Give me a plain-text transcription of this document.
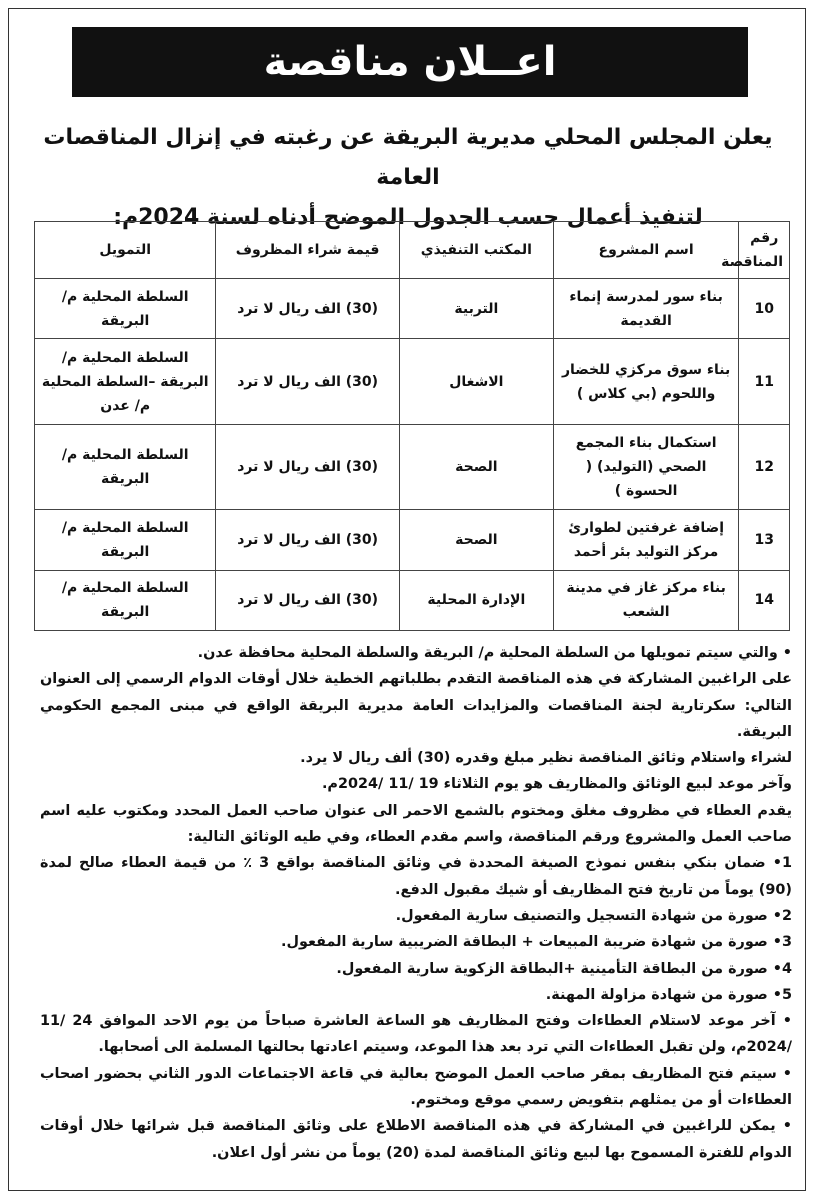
اعــلان مناقصة
يعلن المجلس المحلي مديرية البريقة عن رغبته في إنزال المناقصات العامة
لتنفيذ أعمال حسب الجدول الموضح أدناه لسنة 2024م:
رقم المناقصة	اسم المشروع	المكتب التنفيذي	قيمة شراء المظروف	التمويل
10	بناء سور لمدرسة إنماء القديمة	التربية	(30) الف ريال لا ترد	السلطة المحلية م/ البريقة
11	بناء سوق مركزي للخضار واللحوم (بي كلاس )	الاشغال	(30) الف ريال لا ترد	السلطة المحلية م/ البريقة –السلطة المحلية م/ عدن
12	استكمال بناء المجمع الصحي (التوليد) ( الحسوة )	الصحة	(30) الف ريال لا ترد	السلطة المحلية م/ البريقة
13	إضافة غرفتين لطوارئ مركز التوليد بئر أحمد	الصحة	(30) الف ريال لا ترد	السلطة المحلية م/ البريقة
14	بناء مركز غاز في مدينة الشعب	الإدارة المحلية	(30) الف ريال لا ترد	السلطة المحلية م/ البريقة

• والتي سيتم تمويلها من السلطة المحلية م/ البريقة والسلطة المحلية محافظة عدن.

على الراغبين المشاركة في هذه المناقصة التقدم بطلباتهم الخطية خلال أوقات الدوام الرسمي إلى العنوان التالي: سكرتارية لجنة المناقصات والمزايدات العامة مديرية البريقة الواقع في مبنى المجمع الحكومي البريقة.

لشراء واستلام وثائق المناقصة نظير مبلغ وقدره (30) ألف ريال لا يرد.

وآخر موعد لبيع الوثائق والمظاريف هو يوم الثلاثاء 19 /11 /2024م.

يقدم العطاء في مظروف مغلق ومختوم بالشمع الاحمر الى عنوان صاحب العمل المحدد ومكتوب عليه اسم صاحب العمل والمشروع ورقم المناقصة، واسم مقدم العطاء، وفي طيه الوثائق التالية:

1• ضمان بنكي بنفس نموذج الصيغة المحددة في وثائق المناقصة بواقع 3 ٪ من قيمة العطاء صالح لمدة (90) يوماً من تاريخ فتح المظاريف أو شيك مقبول الدفع.

2• صورة من شهادة التسجيل والتصنيف سارية المفعول.

3• صورة من شهادة ضريبة المبيعات + البطاقة الضريبية سارية المفعول.

4• صورة من البطاقة التأمينية +البطاقة الزكوية سارية المفعول.

5• صورة من شهادة مزاولة المهنة.

• آخر موعد لاستلام العطاءات وفتح المظاريف هو الساعة العاشرة صباحاً من يوم الاحد الموافق 24 /11 /2024م، ولن تقبل العطاءات التي ترد بعد هذا الموعد، وسيتم اعادتها بحالتها المسلمة الى أصحابها.

• سيتم فتح المظاريف بمقر صاحب العمل الموضح بعالية في قاعة الاجتماعات الدور الثاني بحضور اصحاب العطاءات أو من يمثلهم بتفويض رسمي موقع ومختوم.

• يمكن للراغبين في المشاركة في هذه المناقصة الاطلاع على وثائق المناقصة قبل شرائها خلال أوقات الدوام للفترة المسموح بها لبيع وثائق المناقصة لمدة (20) يوماً من نشر أول اعلان.
